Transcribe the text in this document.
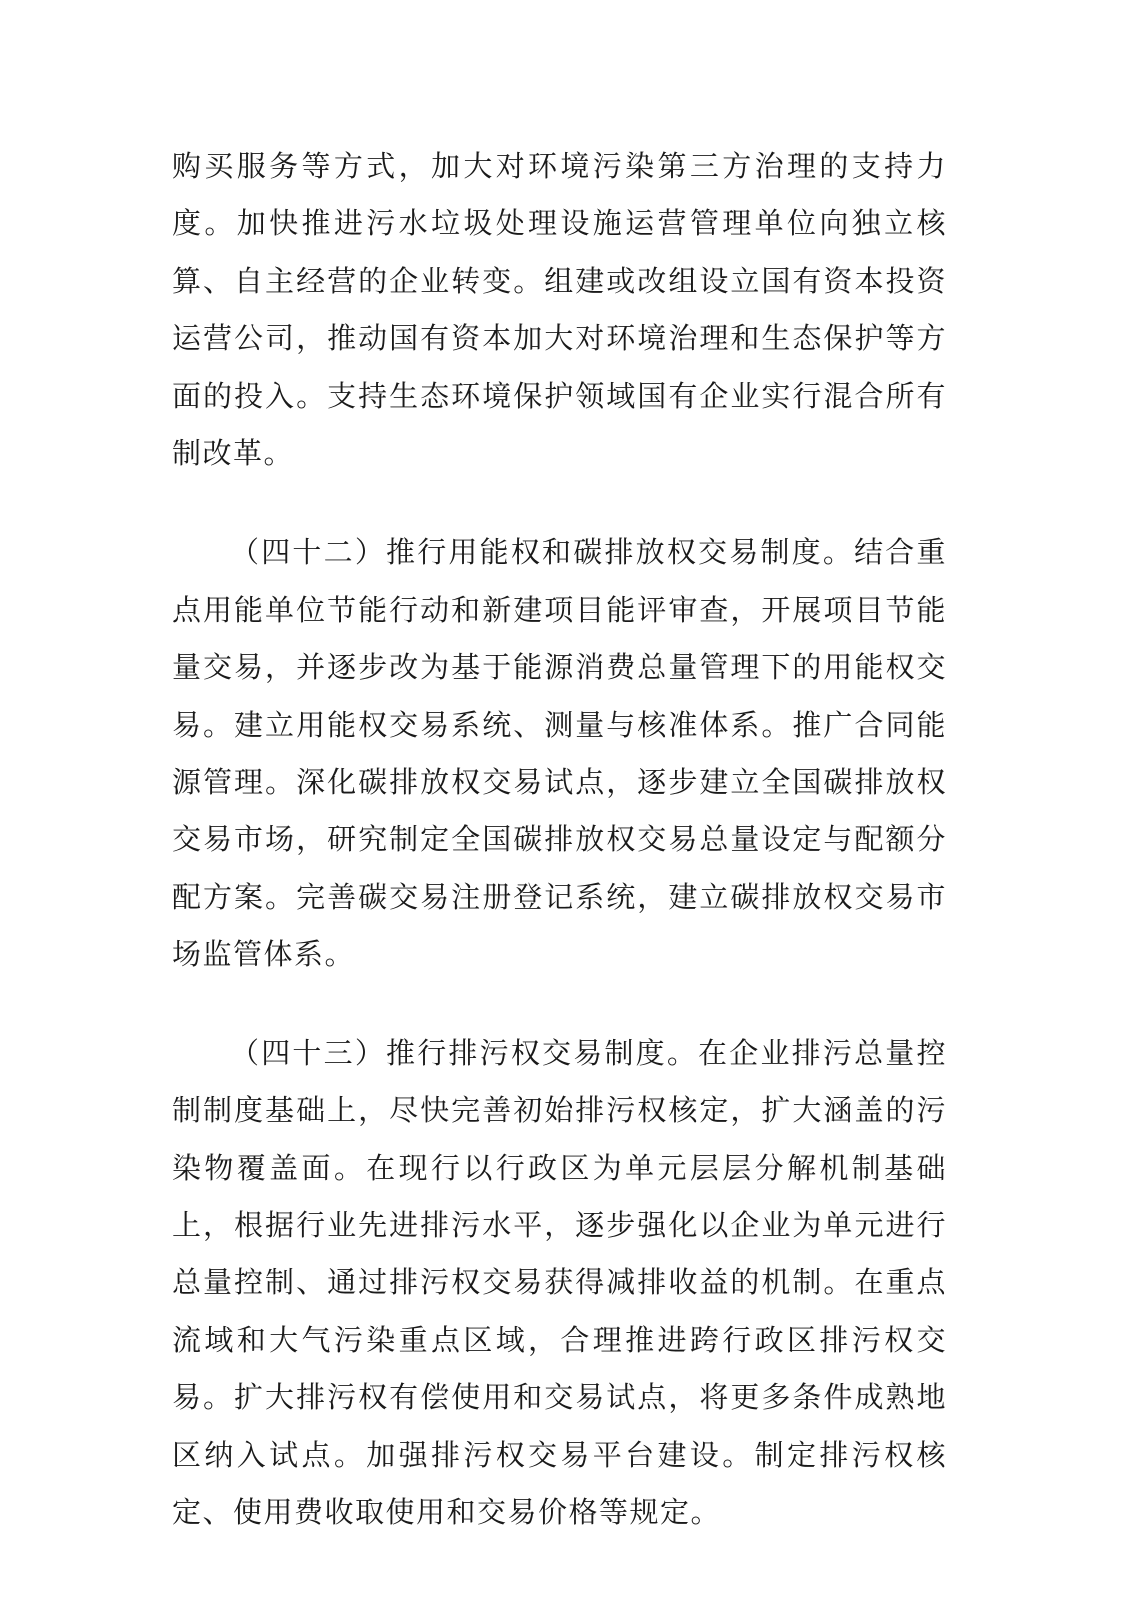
购买服务等方式，加大对环境污染第三方治理的支持力度。加快推进污水垃圾处理设施运营管理单位向独立核算、自主经营的企业转变。组建或改组设立国有资本投资运营公司，推动国有资本加大对环境治理和生态保护等方面的投入。支持生态环境保护领域国有企业实行混合所有制改革。

（四十二）推行用能权和碳排放权交易制度。结合重点用能单位节能行动和新建项目能评审查，开展项目节能量交易，并逐步改为基于能源消费总量管理下的用能权交易。建立用能权交易系统、测量与核准体系。推广合同能源管理。深化碳排放权交易试点，逐步建立全国碳排放权交易市场，研究制定全国碳排放权交易总量设定与配额分配方案。完善碳交易注册登记系统，建立碳排放权交易市场监管体系。

（四十三）推行排污权交易制度。在企业排污总量控制制度基础上，尽快完善初始排污权核定，扩大涵盖的污染物覆盖面。在现行以行政区为单元层层分解机制基础上，根据行业先进排污水平，逐步强化以企业为单元进行总量控制、通过排污权交易获得减排收益的机制。在重点流域和大气污染重点区域，合理推进跨行政区排污权交易。扩大排污权有偿使用和交易试点，将更多条件成熟地区纳入试点。加强排污权交易平台建设。制定排污权核定、使用费收取使用和交易价格等规定。
